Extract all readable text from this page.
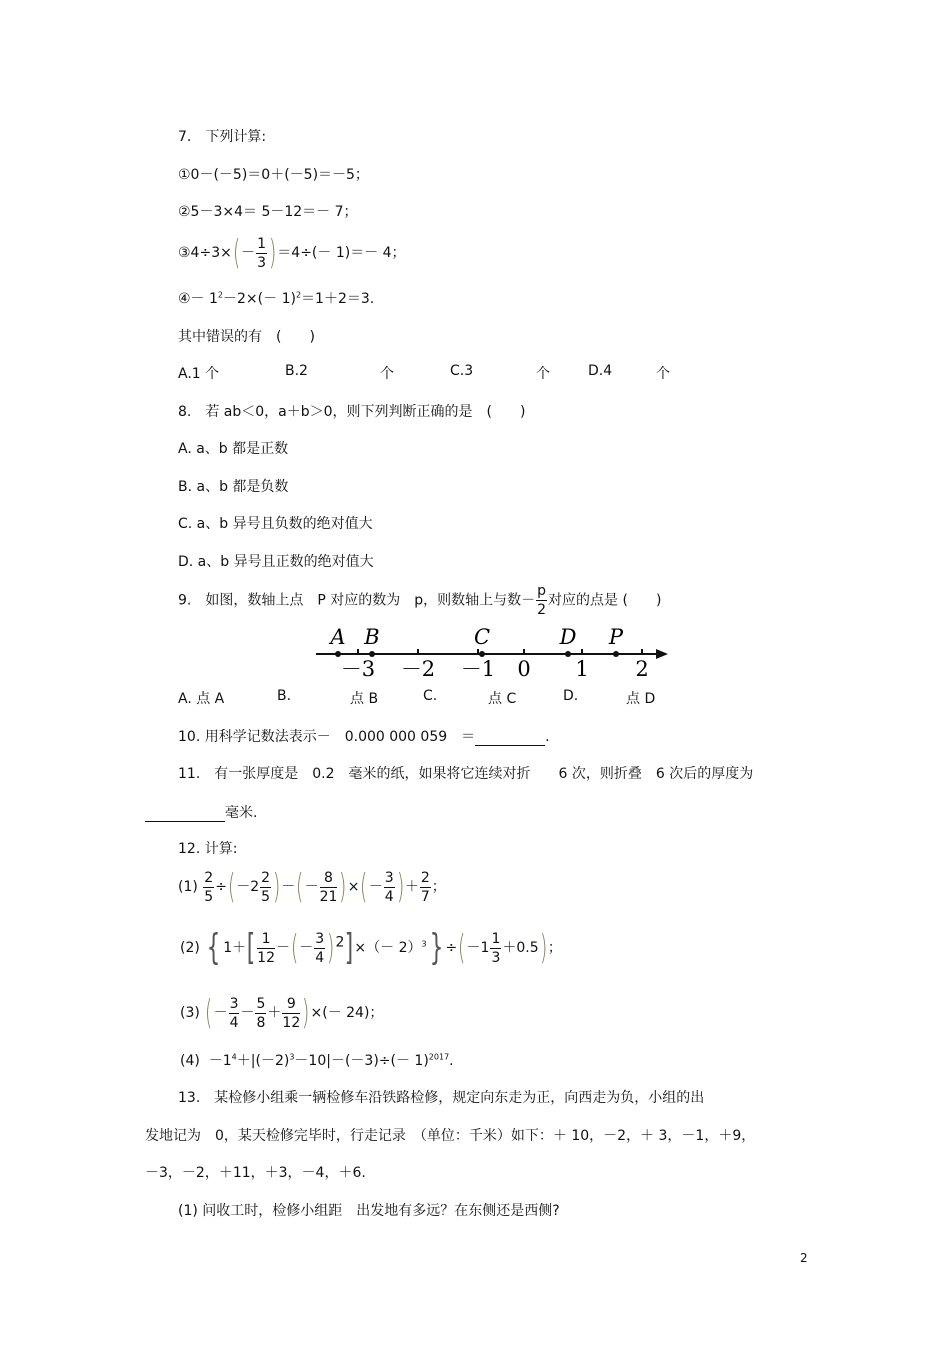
7.　下列计算:
①0－(－5)＝0＋(－5)＝－5；
②5－3×4＝ 5－12＝－ 7；
③4÷3×(－ $\frac{1}{3} )=4\div(- 1)=- 4$；
④－ $1^2-2\times(- 1)^2=1+2=3$.
其中错误的有　(　　)
A.1 个	B.2	个	C.3	个	D.4	个
8.　若 ab＜0，a＋b＞0，则下列判断正确的是　(　　)
A. a、b 都是正数
B. a、b 都是负数
C. a、b 异号且负数的绝对值大
D. a、b 异号且正数的绝对值大
9.　如图，数轴上点　P 对应的数为　p，则数轴上与数－ $\frac{p}{2}$ 对应的点是 (　　)
－3 －2 －1 0 1 2
A B	C	D P
A. 点 A	B.	点 B	C.	点 C	D.	点 D
10. 用科学记数法表示－　0.000 000 059　＝	.
11.　有一张厚度是　0.2　毫米的纸，如果将它连续对折　　6 次，则折叠　6 次后的厚度为
毫米.
12. 计算:
$(1) \frac{2}{5} \div(-2 \frac{2}{5}$ )－(－ $\frac{8}{21}$ )×(－ $\frac{3}{4}$ )＋ $\frac{2}{7}$ ；
(2) { $1+[ \frac{1}{12}$ －(－ $\frac{3}{4} )^2]\times(- 2)^3\} \div(-1 \frac{1}{3} +0.5)$；
(3) (－ $\frac{3}{4} - \frac{5}{8} + \frac{9}{12}$ )×(－ 24)；
$(4) -1^4+|(-2)^3-10|-(-3)\div(- 1)^{2017}$.
13.　某检修小组乘一辆检修车沿铁路检修，规定向东走为正，向西走为负，小组的出
发地记为　0，某天检修完毕时，行走记录　（单位：千米）如下：＋ 10，－2，＋ 3，－1，＋9，
－3，－2，＋11，＋3，－4，＋6.
(1) 问收工时，检修小组距　出发地有多远？在东侧还是西侧?
2
